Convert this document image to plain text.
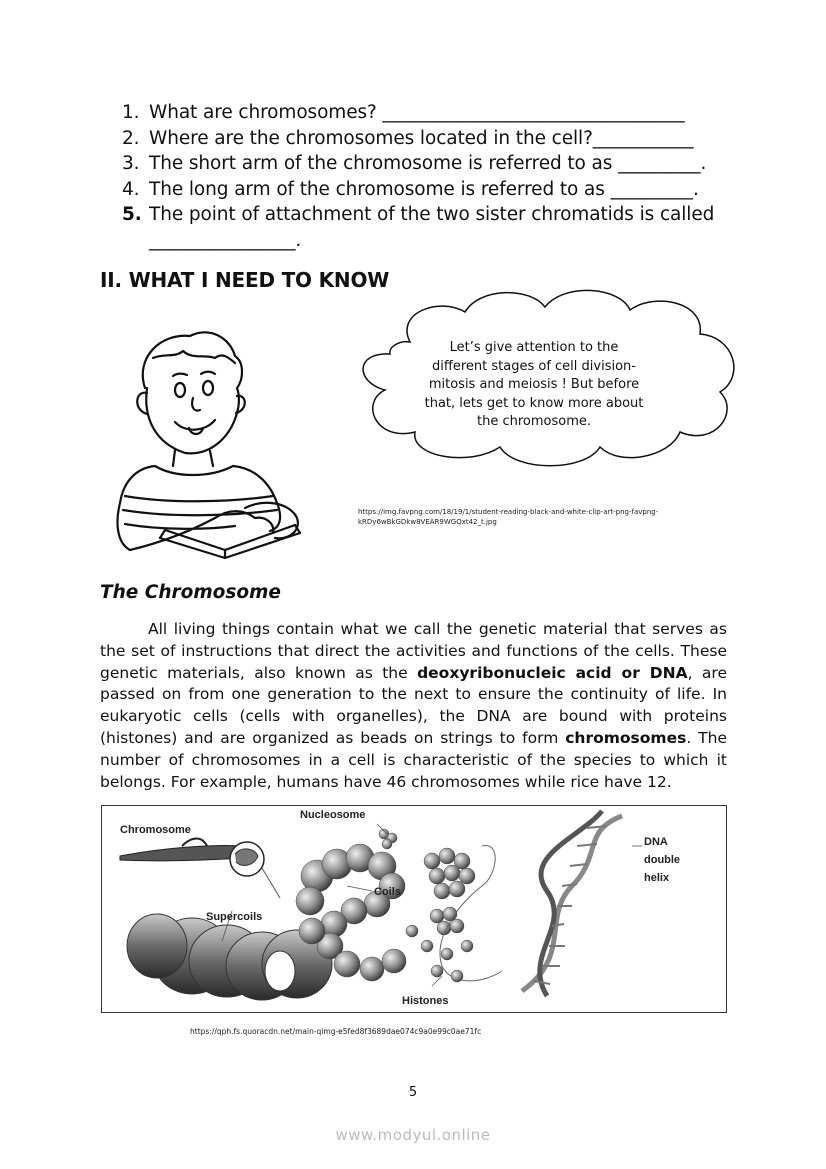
1. What are chromosomes? _________________________________
2. Where are the chromosomes located in the cell?___________
3. The short arm of the chromosome is referred to as _________.
4. The long arm of the chromosome is referred to as _________.
5. The point of attachment of the two sister chromatids is called
________________.
II. WHAT I NEED TO KNOW
Let’s give attention to the
different stages of cell division-
mitosis and meiosis ! But before
that, lets get to know more about
the chromosome.
https://img.favpng.com/18/19/1/student-reading-black-and-white-clip-art-png-favpng-
kRDy6wBkGDkw8VEAR9WGQxt42_t.jpg
The Chromosome
All living things contain what we call the genetic material that serves as the set of instructions that direct the activities and functions of the cells. These genetic materials, also known as the deoxyribonucleic acid or DNA, are passed on from one generation to the next to ensure the continuity of life. In eukaryotic cells (cells with organelles), the DNA are bound with proteins (histones) and are organized as beads on strings to form chromosomes. The number of chromosomes in a cell is characteristic of the species to which it belongs. For example, humans have 46 chromosomes while rice have 12.
Chromosome
Nucleosome
Coils
Supercoils
Histones
DNA
double
helix
https://qph.fs.quoracdn.net/main-qimg-e5fed8f3689dae074c9a0e99c0ae71fc
5
www.modyul.online
